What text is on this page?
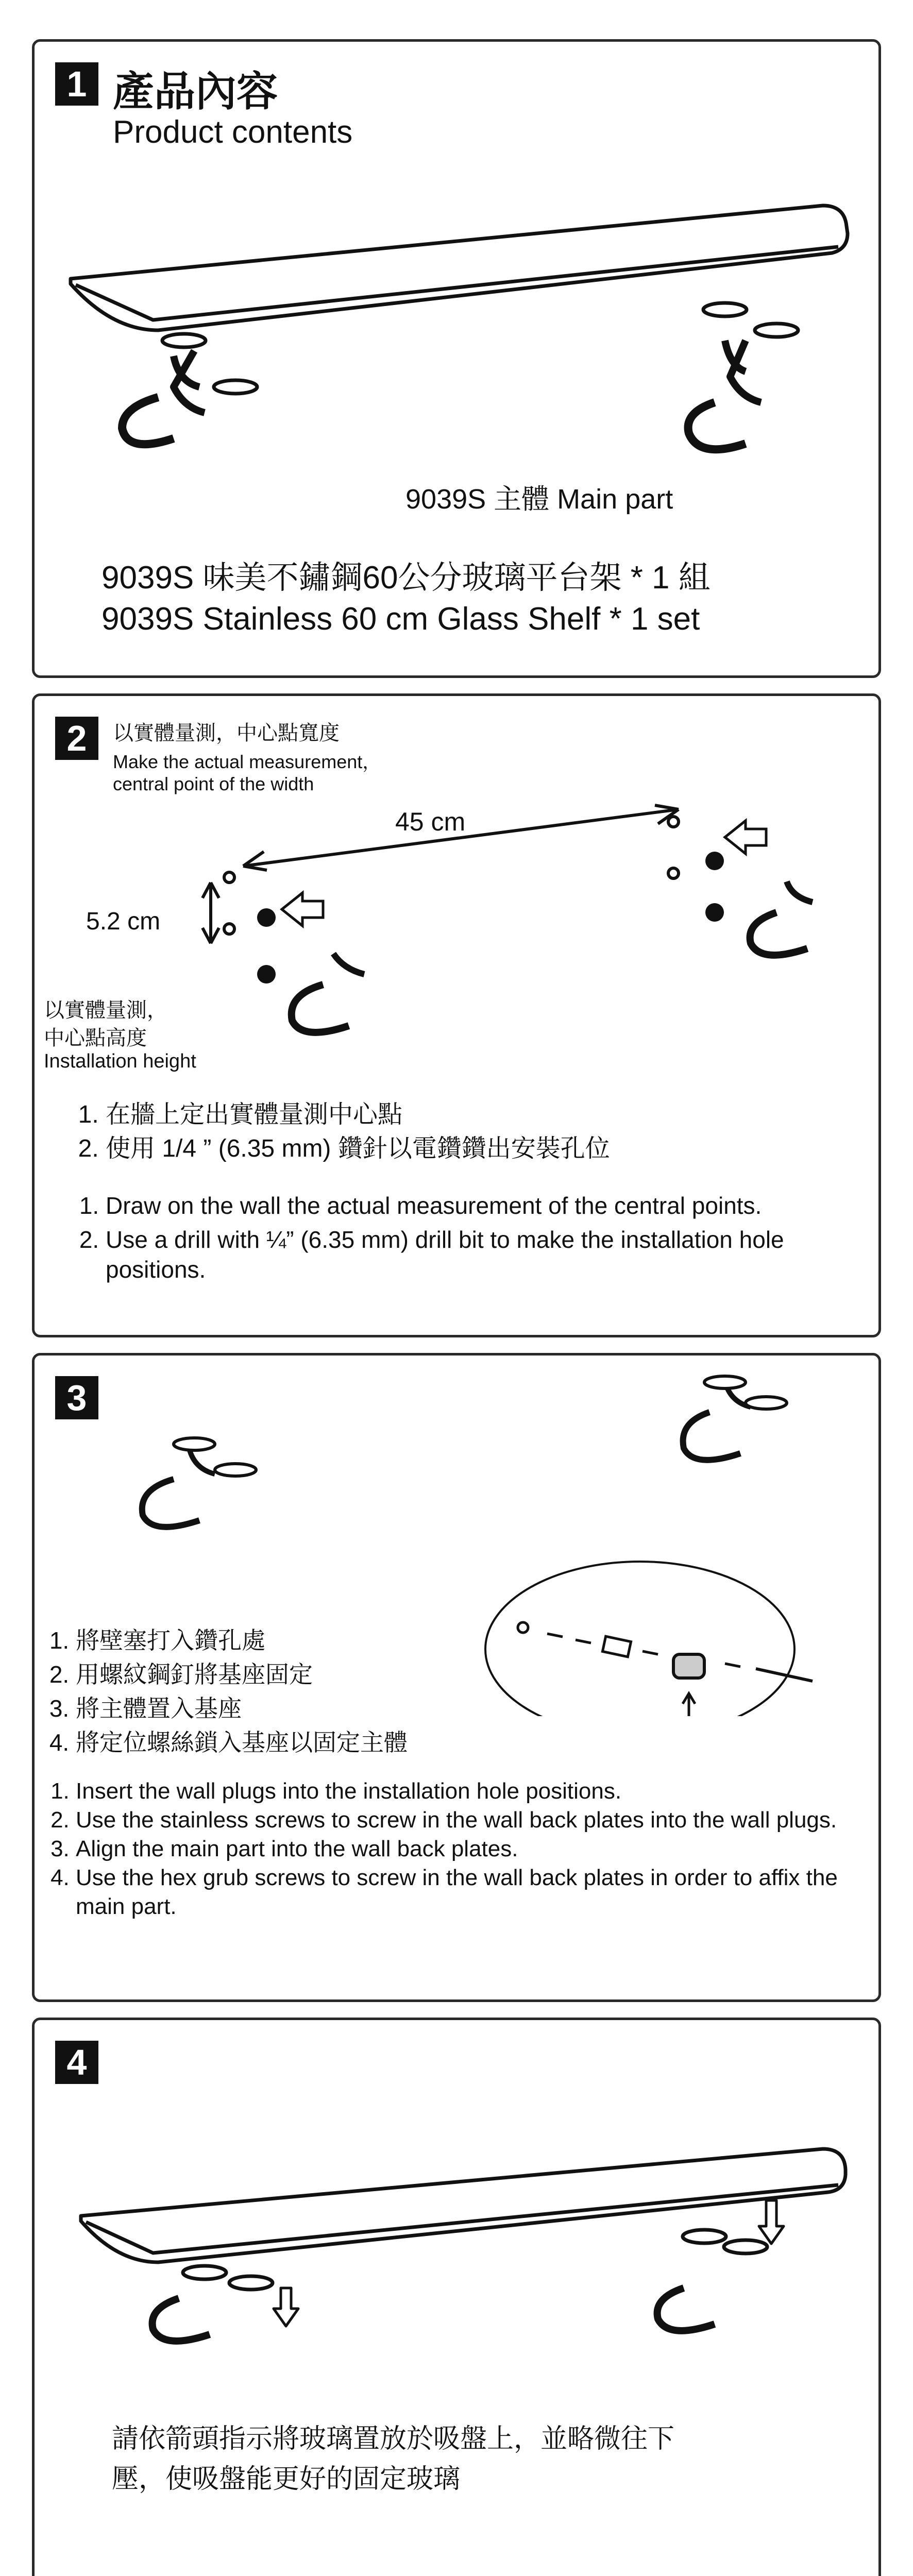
1 產品內容
Product contents
9039S 主體 Main part
9039S 味美不鏽鋼60公分玻璃平台架 * 1 組
9039S Stainless 60 cm Glass Shelf * 1 set
2	以實體量測，中心點寬度
Make the actual measurement，
central point of the width
45 cm
5.2 cm
以實體量測，
中心點高度
Installation height
1. 在牆上定出實體量測中心點
2. 使用 1/4 ” (6.35 mm) 鑽針以電鑽鑽出安裝孔位
1. Draw on the wall the actual measurement of the central points.
2. Use a drill with ¼” (6.35 mm) drill bit to make the installation hole positions.
3
1. 將壁塞打入鑽孔處
2. 用螺紋鋼釘將基座固定
3. 將主體置入基座
4. 將定位螺絲鎖入基座以固定主體
1. Insert the wall plugs into the installation hole positions.
2. Use the stainless screws to screw in the wall back plates into the wall plugs.
3. Align the main part into the wall back plates.
4. Use the hex grub screws to screw in the wall back plates in order to affix the main part.
4
請依箭頭指示將玻璃置放於吸盤上，並略微往下
壓，使吸盤能更好的固定玻璃
